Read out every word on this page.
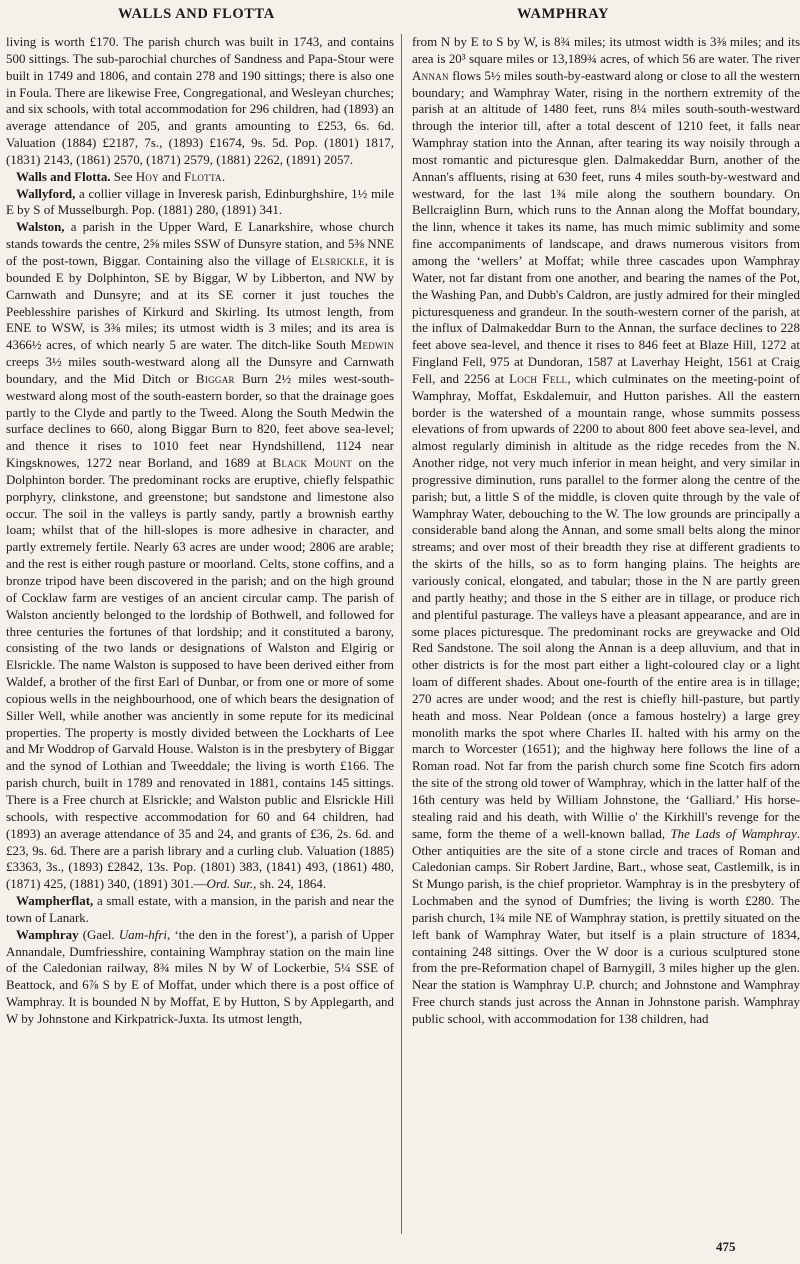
WALLS AND FLOTTA	WAMPHRAY

living is worth £170. The parish church was built in 1743, and contains 500 sittings. The sub-parochial churches of Sandness and Papa-Stour were built in 1749 and 1806, and contain 278 and 190 sittings; there is also one in Foula. There are likewise Free, Congregational, and Wesleyan churches; and six schools, with total accommodation for 296 children, had (1893) an average attendance of 205, and grants amounting to £253, 6s. 6d. Valuation (1884) £2187, 7s., (1893) £1674, 9s. 5d. Pop. (1801) 1817, (1831) 2143, (1861) 2570, (1871) 2579, (1881) 2262, (1891) 2057.

Walls and Flotta. See Hoy and Flotta.

Wallyford, a collier village in Inveresk parish, Edinburghshire, 1½ mile E by S of Musselburgh. Pop. (1881) 280, (1891) 341.

Walston, a parish in the Upper Ward, E Lanarkshire, whose church stands towards the centre, 2⅝ miles SSW of Dunsyre station, and 5⅜ NNE of the post-town, Biggar. Containing also the village of Elsrickle, it is bounded E by Dolphinton, SE by Biggar, W by Libberton, and NW by Carnwath and Dunsyre; and at its SE corner it just touches the Peeblesshire parishes of Kirkurd and Skirling. Its utmost length, from ENE to WSW, is 3⅜ miles; its utmost width is 3 miles; and its area is 4366½ acres, of which nearly 5 are water. The ditch-like South Medwin creeps 3½ miles south-westward along all the Dunsyre and Carnwath boundary, and the Mid Ditch or Biggar Burn 2½ miles west-south-westward along most of the south-eastern border, so that the drainage goes partly to the Clyde and partly to the Tweed. Along the South Medwin the surface declines to 660, along Biggar Burn to 820, feet above sea-level; and thence it rises to 1010 feet near Hyndshillend, 1124 near Kingsknowes, 1272 near Borland, and 1689 at Black Mount on the Dolphinton border. The predominant rocks are eruptive, chiefly felspathic porphyry, clinkstone, and greenstone; but sandstone and limestone also occur. The soil in the valleys is partly sandy, partly a brownish earthy loam; whilst that of the hill-slopes is more adhesive in character, and partly extremely fertile. Nearly 63 acres are under wood; 2806 are arable; and the rest is either rough pasture or moorland. Celts, stone coffins, and a bronze tripod have been discovered in the parish; and on the high ground of Cocklaw farm are vestiges of an ancient circular camp. The parish of Walston anciently belonged to the lordship of Bothwell, and followed for three centuries the fortunes of that lordship; and it constituted a barony, consisting of the two lands or designations of Walston and Elgirig or Elsrickle. The name Walston is supposed to have been derived either from Waldef, a brother of the first Earl of Dunbar, or from one or more of some copious wells in the neighbourhood, one of which bears the designation of Siller Well, while another was anciently in some repute for its medicinal properties. The property is mostly divided between the Lockharts of Lee and Mr Woddrop of Garvald House. Walston is in the presbytery of Biggar and the synod of Lothian and Tweeddale; the living is worth £166. The parish church, built in 1789 and renovated in 1881, contains 145 sittings. There is a Free church at Elsrickle; and Walston public and Elsrickle Hill schools, with respective accommodation for 60 and 64 children, had (1893) an average attendance of 35 and 24, and grants of £36, 2s. 6d. and £23, 9s. 6d. There are a parish library and a curling club. Valuation (1885) £3363, 3s., (1893) £2842, 13s. Pop. (1801) 383, (1841) 493, (1861) 480, (1871) 425, (1881) 340, (1891) 301.—Ord. Sur., sh. 24, 1864.

Wampherflat, a small estate, with a mansion, in the parish and near the town of Lanark.

Wamphray (Gael. Uam-hfri, ‘the den in the forest’), a parish of Upper Annandale, Dumfriesshire, containing Wamphray station on the main line of the Caledonian railway, 8¾ miles N by W of Lockerbie, 5¼ SSE of Beattock, and 6⅞ S by E of Moffat, under which there is a post office of Wamphray. It is bounded N by Moffat, E by Hutton, S by Applegarth, and W by Johnstone and Kirkpatrick-Juxta. Its utmost length,

from N by E to S by W, is 8¾ miles; its utmost width is 3⅜ miles; and its area is 20³ square miles or 13,189¾ acres, of which 56 are water. The river Annan flows 5½ miles south-by-eastward along or close to all the western boundary; and Wamphray Water, rising in the northern extremity of the parish at an altitude of 1480 feet, runs 8¼ miles south-south-westward through the interior till, after a total descent of 1210 feet, it falls near Wamphray station into the Annan, after tearing its way noisily through a most romantic and picturesque glen. Dalmakeddar Burn, another of the Annan's affluents, rising at 630 feet, runs 4 miles south-by-westward and westward, for the last 1¾ mile along the southern boundary. On Bellcraiglinn Burn, which runs to the Annan along the Moffat boundary, the linn, whence it takes its name, has much mimic sublimity and some fine accompaniments of landscape, and draws numerous visitors from among the ‘wellers’ at Moffat; while three cascades upon Wamphray Water, not far distant from one another, and bearing the names of the Pot, the Washing Pan, and Dubb's Caldron, are justly admired for their mingled picturesqueness and grandeur. In the south-western corner of the parish, at the influx of Dalmakeddar Burn to the Annan, the surface declines to 228 feet above sea-level, and thence it rises to 846 feet at Blaze Hill, 1272 at Fingland Fell, 975 at Dundoran, 1587 at Laverhay Height, 1561 at Craig Fell, and 2256 at Loch Fell, which culminates on the meeting-point of Wamphray, Moffat, Eskdalemuir, and Hutton parishes. All the eastern border is the watershed of a mountain range, whose summits possess elevations of from upwards of 2200 to about 800 feet above sea-level, and almost regularly diminish in altitude as the ridge recedes from the N. Another ridge, not very much inferior in mean height, and very similar in progressive diminution, runs parallel to the former along the centre of the parish; but, a little S of the middle, is cloven quite through by the vale of Wamphray Water, debouching to the W. The low grounds are principally a considerable band along the Annan, and some small belts along the minor streams; and over most of their breadth they rise at different gradients to the skirts of the hills, so as to form hanging plains. The heights are variously conical, elongated, and tabular; those in the N are partly green and partly heathy; and those in the S either are in tillage, or produce rich and plentiful pasturage. The valleys have a pleasant appearance, and are in some places picturesque. The predominant rocks are greywacke and Old Red Sandstone. The soil along the Annan is a deep alluvium, and that in other districts is for the most part either a light-coloured clay or a light loam of different shades. About one-fourth of the entire area is in tillage; 270 acres are under wood; and the rest is chiefly hill-pasture, but partly heath and moss. Near Poldean (once a famous hostelry) a large grey monolith marks the spot where Charles II. halted with his army on the march to Worcester (1651); and the highway here follows the line of a Roman road. Not far from the parish church some fine Scotch firs adorn the site of the strong old tower of Wamphray, which in the latter half of the 16th century was held by William Johnstone, the ‘Galliard.’ His horse-stealing raid and his death, with Willie o' the Kirkhill's revenge for the same, form the theme of a well-known ballad, The Lads of Wamphray. Other antiquities are the site of a stone circle and traces of Roman and Caledonian camps. Sir Robert Jardine, Bart., whose seat, Castlemilk, is in St Mungo parish, is the chief proprietor. Wamphray is in the presbytery of Lochmaben and the synod of Dumfries; the living is worth £280. The parish church, 1¾ mile NE of Wamphray station, is prettily situated on the left bank of Wamphray Water, but itself is a plain structure of 1834, containing 248 sittings. Over the W door is a curious sculptured stone from the pre-Reformation chapel of Barnygill, 3 miles higher up the glen. Near the station is Wamphray U.P. church; and Johnstone and Wamphray Free church stands just across the Annan in Johnstone parish. Wamphray public school, with accommodation for 138 children, had

475
